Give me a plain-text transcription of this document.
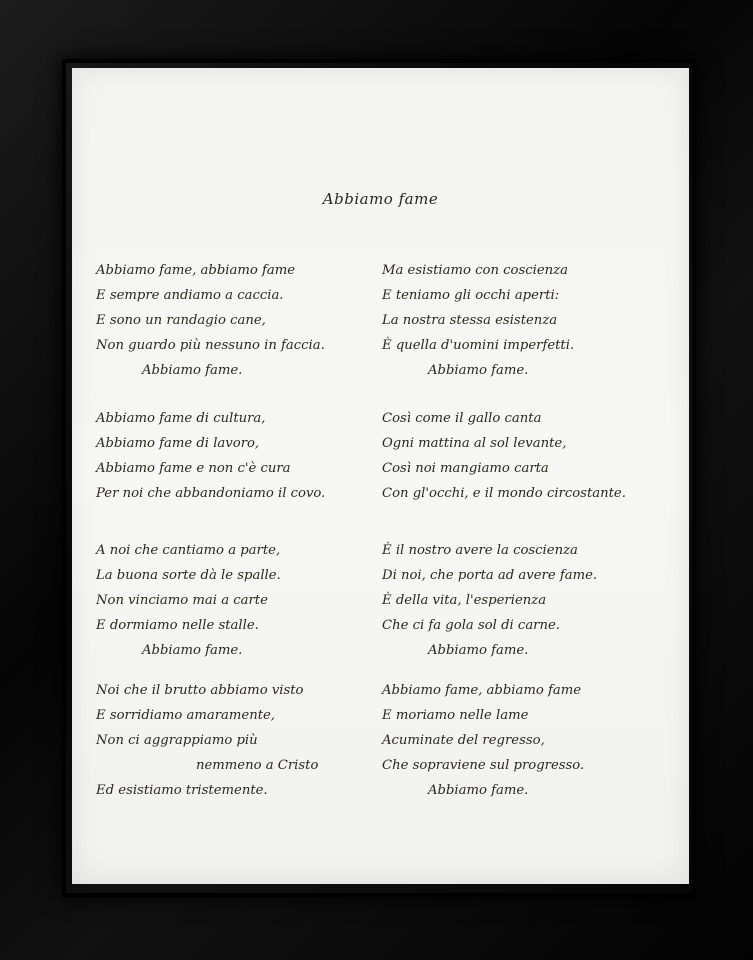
Abbiamo fame
Abbiamo fame, abbiamo fame
E sempre andiamo a caccia.
E sono un randagio cane,
Non guardo più nessuno in faccia.
Abbiamo fame.
Abbiamo fame di cultura,
Abbiamo fame di lavoro,
Abbiamo fame e non c'è cura
Per noi che abbandoniamo il covo.
A noi che cantiamo a parte,
La buona sorte dà le spalle.
Non vinciamo mai a carte
E dormiamo nelle stalle.
Abbiamo fame.
Noi che il brutto abbiamo visto
E sorridiamo amaramente,
Non ci aggrappiamo più
nemmeno a Cristo
Ed esistiamo tristemente.
Ma esistiamo con coscienza
E teniamo gli occhi aperti:
La nostra stessa esistenza
È quella d'uomini imperfetti.
Abbiamo fame.
Così come il gallo canta
Ogni mattina al sol levante,
Così noi mangiamo carta
Con gl'occhi, e il mondo circostante.
È il nostro avere la coscienza
Di noi, che porta ad avere fame.
È della vita, l'esperienza
Che ci fa gola sol di carne.
Abbiamo fame.
Abbiamo fame, abbiamo fame
E moriamo nelle lame
Acuminate del regresso,
Che sopraviene sul progresso.
Abbiamo fame.
